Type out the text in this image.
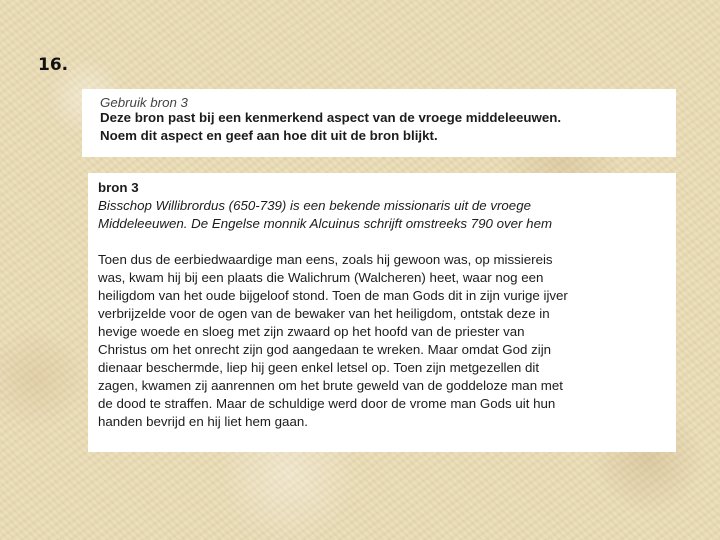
16.
Gebruik bron 3
Deze bron past bij een kenmerkend aspect van de vroege middeleeuwen.
Noem dit aspect en geef aan hoe dit uit de bron blijkt.
bron 3
Bisschop Willibrordus (650-739) is een bekende missionaris uit de vroege
Middeleeuwen. De Engelse monnik Alcuinus schrijft omstreeks 790 over hem
Toen dus de eerbiedwaardige man eens, zoals hij gewoon was, op missiereis
was, kwam hij bij een plaats die Walichrum (Walcheren) heet, waar nog een
heiligdom van het oude bijgeloof stond. Toen de man Gods dit in zijn vurige ijver
verbrijzelde voor de ogen van de bewaker van het heiligdom, ontstak deze in
hevige woede en sloeg met zijn zwaard op het hoofd van de priester van
Christus om het onrecht zijn god aangedaan te wreken. Maar omdat God zijn
dienaar beschermde, liep hij geen enkel letsel op. Toen zijn metgezellen dit
zagen, kwamen zij aanrennen om het brute geweld van de goddeloze man met
de dood te straffen. Maar de schuldige werd door de vrome man Gods uit hun
handen bevrijd en hij liet hem gaan.
